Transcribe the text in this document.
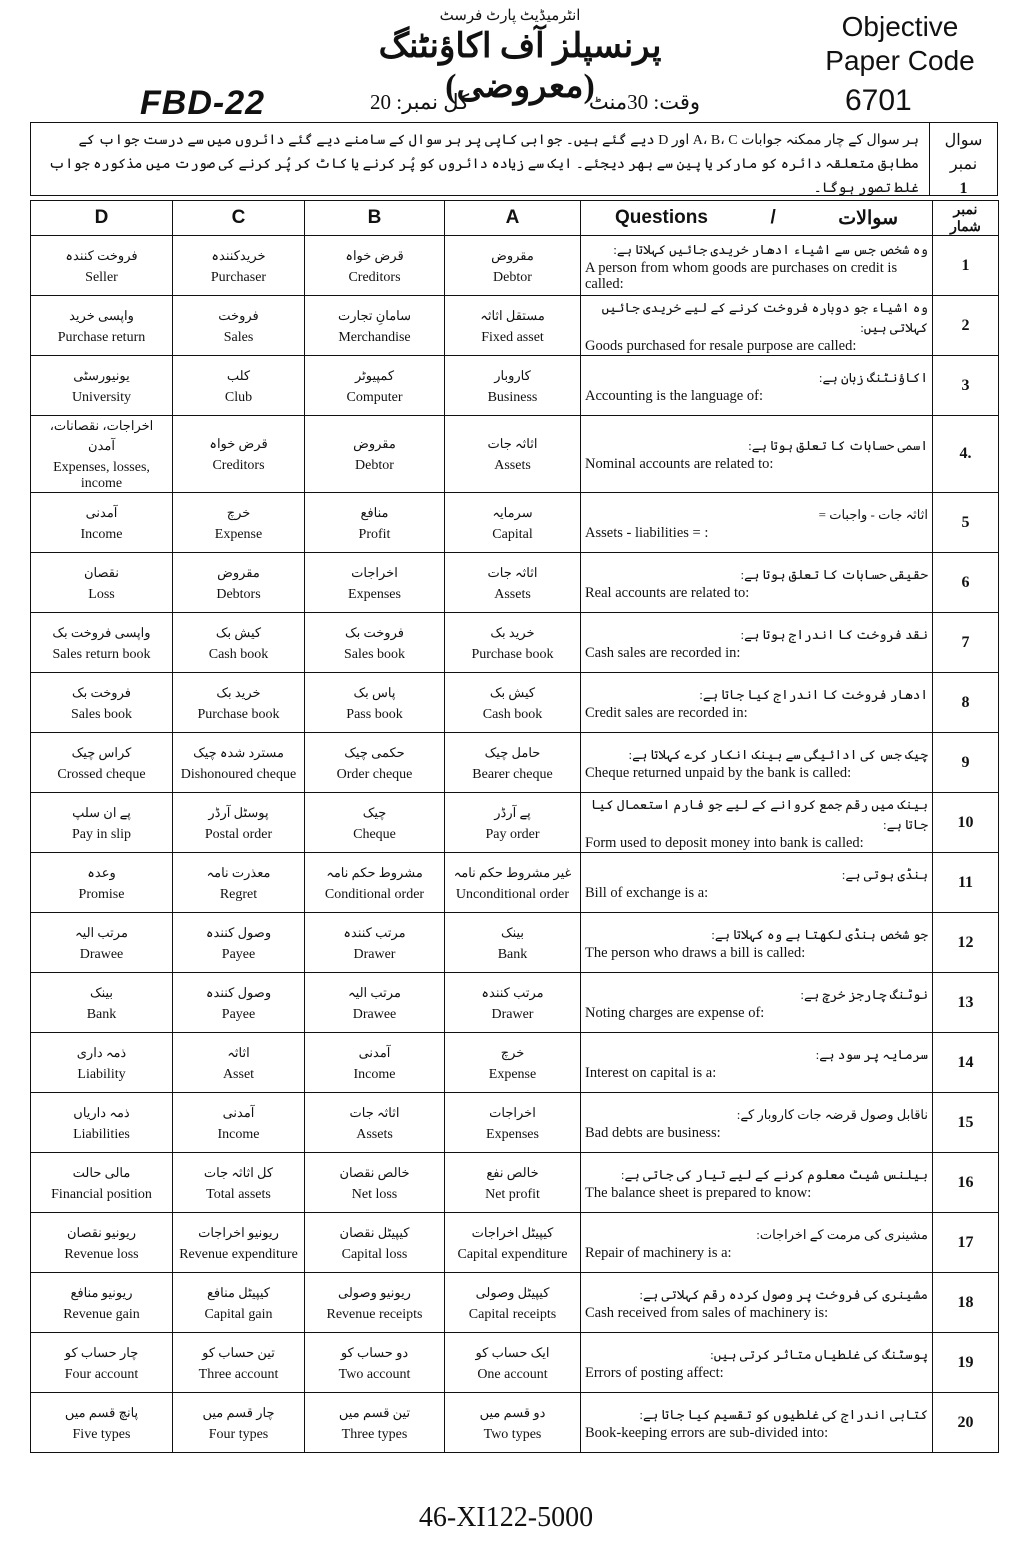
انٹرمیڈیٹ پارٹ فرسٹ
پرنسپلز آف اکاؤنٹنگ (معروضی)
Objective
Paper Code
6701
FBD-22	کل نمبر: 20	وقت: 30منٹ
ہر سوال کے چار ممکنہ جوابات A، B، C اور D دیے گئے ہیں۔ جوابی کاپی پر ہر سوال کے سامنے دیے گئے دائروں میں سے درست جواب کے مطابق متعلقہ دائرہ کو مارکر یا پین سے بھر دیجئے۔ ایک سے زیادہ دائروں کو پُر کرنے یا کاٹ کر پُر کرنے کی صورت میں مذکورہ جواب غلط تصور ہوگا۔
سوال نمبر
1
D	C	B	A	Questions / سوالات	نمبر شمار

فروخت کنندہ
Seller	خریدکنندہ
Purchaser	قرض خواہ
Creditors	مقروض
Debtor	وہ شخص جس سے اشیاء ادھار خریدی جائیں کہلاتا ہے:
A person from whom goods are purchases on credit is called:	1

واپسی خرید
Purchase return	فروخت
Sales	سامانِ تجارت
Merchandise	مستقل اثاثہ
Fixed asset	وہ اشیاء جو دوبارہ فروخت کرنے کے لیے خریدی جائیں کہلاتی ہیں:
Goods purchased for resale purpose are called:	2

یونیورسٹی
University	کلب
Club	کمپیوٹر
Computer	کاروبار
Business	اکاؤنٹنگ زبان ہے:
Accounting is the language of:	3

اخراجات، نقصانات، آمدن
Expenses, losses, income	قرض خواہ
Creditors	مقروض
Debtor	اثاثہ جات
Assets	اسمی حسابات کا تعلق ہوتا ہے:
Nominal accounts are related to:	4.

آمدنی
Income	خرچ
Expense	منافع
Profit	سرمایہ
Capital	اثاثہ جات - واجبات =
Assets - liabilities = :	5

نقصان
Loss	مقروض
Debtors	اخراجات
Expenses	اثاثہ جات
Assets	حقیقی حسابات کا تعلق ہوتا ہے:
Real accounts are related to:	6

واپسی فروخت بک
Sales return book	کیش بک
Cash book	فروخت بک
Sales book	خرید بک
Purchase book	نقد فروخت کا اندراج ہوتا ہے:
Cash sales are recorded in:	7

فروخت بک
Sales book	خرید بک
Purchase book	پاس بک
Pass book	کیش بک
Cash book	ادھار فروخت کا اندراج کیا جاتا ہے:
Credit sales are recorded in:	8

کراس چیک
Crossed cheque	مسترد شدہ چیک
Dishonoured cheque	حکمی چیک
Order cheque	حامل چیک
Bearer cheque	چیک جس کی ادائیگی سے بینک انکار کرے کہلاتا ہے:
Cheque returned unpaid by the bank is called:	9

پے ان سلپ
Pay in slip	پوسٹل آرڈر
Postal order	چیک
Cheque	پے آرڈر
Pay order	بینک میں رقم جمع کروانے کے لیے جو فارم استعمال کیا جاتا ہے:
Form used to deposit money into bank is called:	10

وعدہ
Promise	معذرت نامہ
Regret	مشروط حکم نامہ
Conditional order	غیر مشروط حکم نامہ
Unconditional order	ہنڈی ہوتی ہے:
Bill of exchange is a:	11

مرتب الیہ
Drawee	وصول کنندہ
Payee	مرتب کنندہ
Drawer	بینک
Bank	جو شخص ہنڈی لکھتا ہے وہ کہلاتا ہے:
The person who draws a bill is called:	12

بینک
Bank	وصول کنندہ
Payee	مرتب الیہ
Drawee	مرتب کنندہ
Drawer	نوٹنگ چارجز خرچ ہے:
Noting charges are expense of:	13

ذمہ داری
Liability	اثاثہ
Asset	آمدنی
Income	خرچ
Expense	سرمایہ پر سود ہے:
Interest on capital is a:	14

ذمہ داریاں
Liabilities	آمدنی
Income	اثاثہ جات
Assets	اخراجات
Expenses	ناقابل وصول قرضہ جات کاروبار کے:
Bad debts are business:	15

مالی حالت
Financial position	کل اثاثہ جات
Total assets	خالص نقصان
Net loss	خالص نفع
Net profit	بیلنس شیٹ معلوم کرنے کے لیے تیار کی جاتی ہے:
The balance sheet is prepared to know:	16

ریونیو نقصان
Revenue loss	ریونیو اخراجات
Revenue expenditure	کیپیٹل نقصان
Capital loss	کیپیٹل اخراجات
Capital expenditure	مشینری کی مرمت کے اخراجات:
Repair of machinery is a:	17

ریونیو منافع
Revenue gain	کیپیٹل منافع
Capital gain	ریونیو وصولی
Revenue receipts	کیپیٹل وصولی
Capital receipts	مشینری کی فروخت پر وصول کردہ رقم کہلاتی ہے:
Cash received from sales of machinery is:	18

چار حساب کو
Four account	تین حساب کو
Three account	دو حساب کو
Two account	ایک حساب کو
One account	پوسٹنگ کی غلطیاں متاثر کرتی ہیں:
Errors of posting affect:	19

پانچ قسم میں
Five types	چار قسم میں
Four types	تین قسم میں
Three types	دو قسم میں
Two types	کتابی اندراج کی غلطیوں کو تقسیم کیا جاتا ہے:
Book-keeping errors are sub-divided into:	20
46-XI122-5000
